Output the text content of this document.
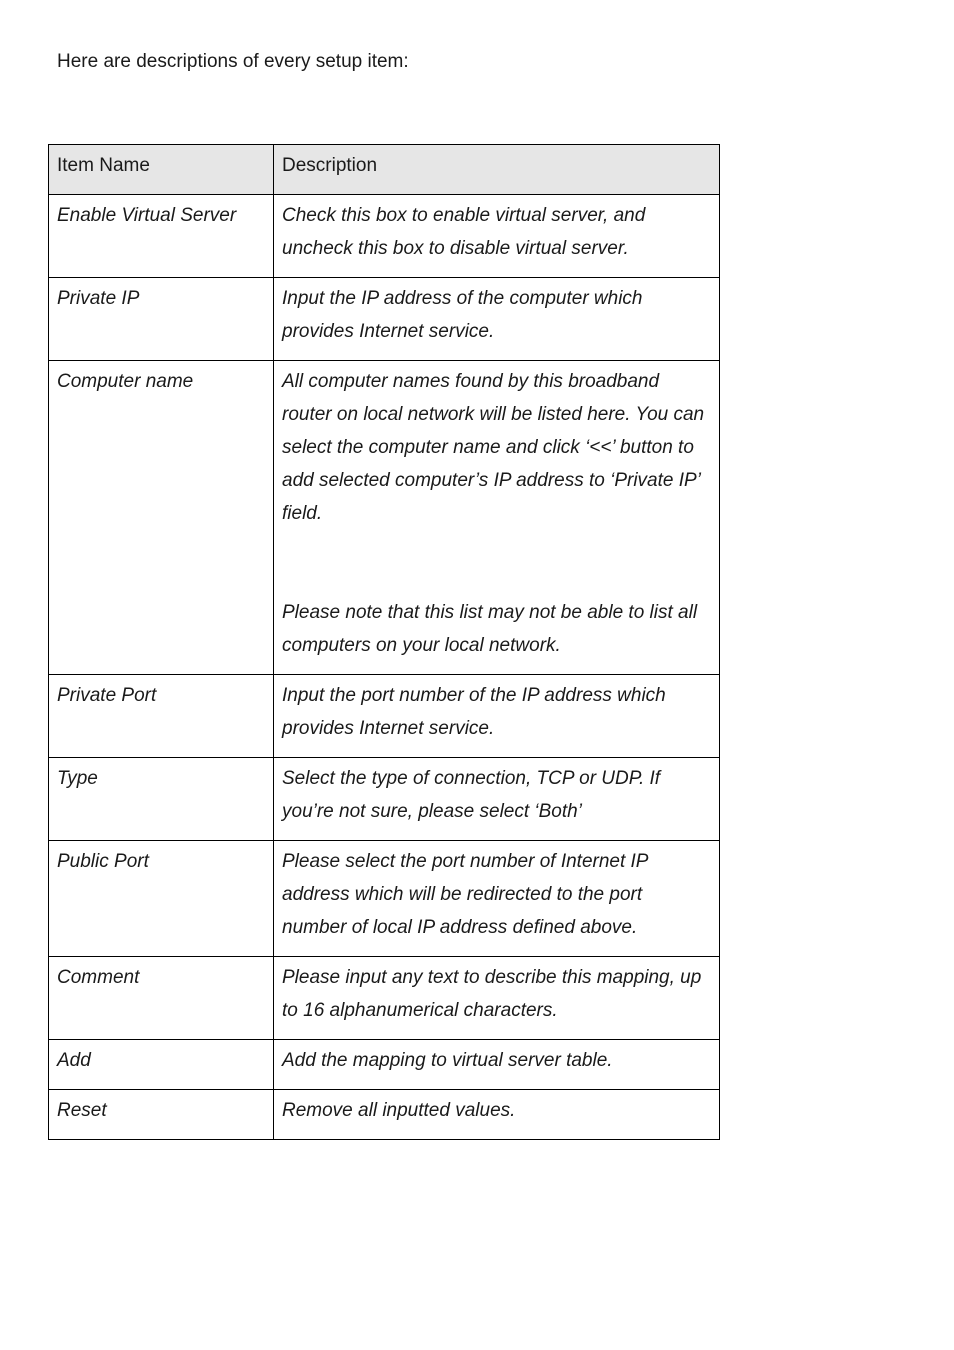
Here are descriptions of every setup item:

Item Name	Description
Enable Virtual Server	Check this box to enable virtual server, and uncheck this box to disable virtual server.
Private IP	Input the IP address of the computer which provides Internet service.
Computer name	All computer names found by this broadband router on local network will be listed here. You can select the computer name and click ‘<<’ button to add selected computer’s IP address to ‘Private IP’ field.
Please note that this list may not be able to list all computers on your local network.

Private Port	Input the port number of the IP address which provides Internet service.
Type	Select the type of connection, TCP or UDP. If you’re not sure, please select ‘Both’
Public Port	Please select the port number of Internet IP address which will be redirected to the port number of local IP address defined above.
Comment	Please input any text to describe this mapping, up to 16 alphanumerical characters.
Add	Add the mapping to virtual server table.
Reset	Remove all inputted values.
